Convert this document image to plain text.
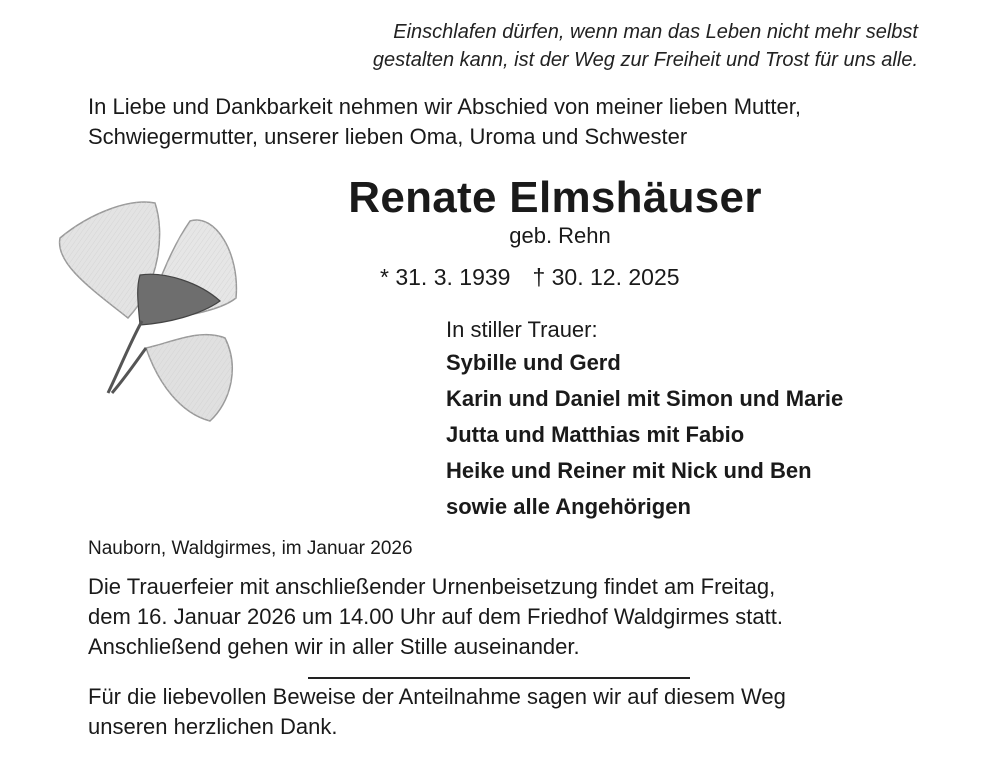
Einschlafen dürfen, wenn man das Leben nicht mehr selbst
gestalten kann, ist der Weg zur Freiheit und Trost für uns alle.
In Liebe und Dankbarkeit nehmen wir Abschied von meiner lieben Mutter,
Schwiegermutter, unserer lieben Oma, Uroma und Schwester
Renate Elmshäuser
geb. Rehn
* 31. 3. 1939 † 30. 12. 2025
In stiller Trauer:
Sybille und Gerd
Karin und Daniel mit Simon und Marie
Jutta und Matthias mit Fabio
Heike und Reiner mit Nick und Ben
sowie alle Angehörigen
Nauborn, Waldgirmes, im Januar 2026
Die Trauerfeier mit anschließender Urnenbeisetzung findet am Freitag,
dem 16. Januar 2026 um 14.00 Uhr auf dem Friedhof Waldgirmes statt.
Anschließend gehen wir in aller Stille auseinander.
Für die liebevollen Beweise der Anteilnahme sagen wir auf diesem Weg
unseren herzlichen Dank.
